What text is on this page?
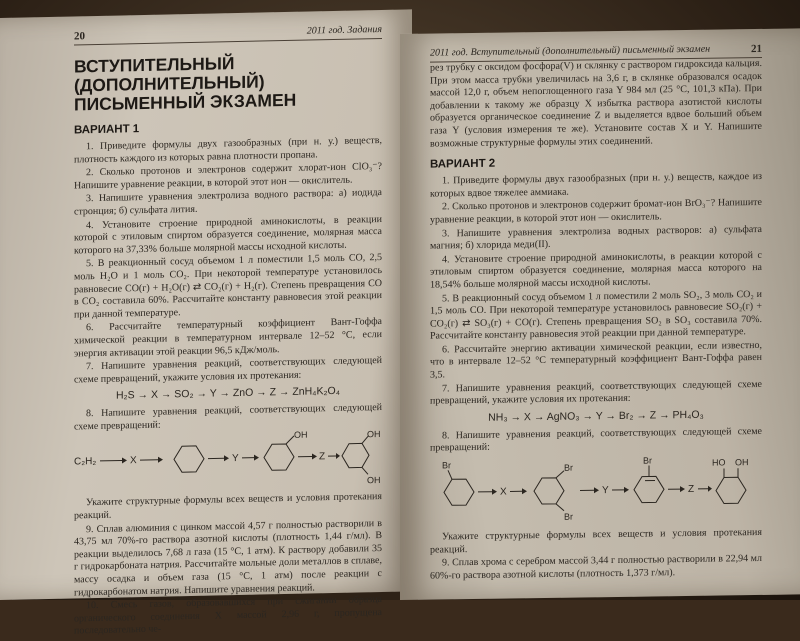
20	2011 год. Задания
ВСТУПИТЕЛЬНЫЙ (ДОПОЛНИТЕЛЬНЫЙ) ПИСЬМЕННЫЙ ЭКЗАМЕН
ВАРИАНТ 1

1. Приведите формулы двух газообразных (при н. у.) веществ, плотность каждого из которых равна плотности пропана.

2. Сколько протонов и электронов содержит хлорат-ион ClO₃⁻? Напишите уравнение реакции, в которой этот ион — окислитель.

3. Напишите уравнения электролиза водного раствора: а) иодида стронция; б) сульфата лития.

4. Установите строение природной аминокислоты, в реакции которой с этиловым спиртом образуется соединение, молярная масса которого на 37,33% больше молярной массы исходной кислоты.

5. В реакционный сосуд объемом 1 л поместили 1,5 моль CO, 2,5 моль H₂O и 1 моль CO₂. При некоторой температуре установилось равновесие CO(г) + H₂O(г) ⇄ CO₂(г) + H₂(г). Степень превращения CO в CO₂ составила 60%. Рассчитайте константу равновесия этой реакции при данной температуре.

6. Рассчитайте температурный коэффициент Вант-Гоффа химической реакции в температурном интервале 12–52 °С, если энергия активации этой реакции 96,5 кДж/моль.

7. Напишите уравнения реакций, соответствующих следующей схеме превращений, укажите условия их протекания:

H₂S → X → SO₂ → Y → ZnO → Z → ZnH₄K₂O₄

8. Напишите уравнения реакций, соответствующих следующей схеме превращений:

C₂H₂	X	Y
OH
Z
OH
OH

Укажите структурные формулы всех веществ и условия протекания реакций.

9. Сплав алюминия с цинком массой 4,57 г полностью растворили в 43,75 мл 70%-го раствора азотной кислоты (плотность 1,44 г/мл). В реакции выделилось 7,68 л газа (15 °С, 1 атм). К раствору добавили 35 г гидрокарбоната натрия. Рассчитайте мольные доли металлов в сплаве, массу осадка и объем газа (15 °С, 1 атм) после реакции с гидрокарбонатом натрия. Напишите уравнения реакций.

10. Смесь газов, образовавшихся при сжигании образца органического соединения X массой 2,96 г, пропущена последовательно че-

2011 год. Вступительный (дополнительный) письменный экзамен	21

рез трубку с оксидом фосфора(V) и склянку с раствором гидроксида кальция. При этом масса трубки увеличилась на 3,6 г, в склянке образовался осадок массой 12,0 г, объем непоглощенного газа Y 984 мл (25 °С, 101,3 кПа). При добавлении к такому же образцу X избытка раствора азотистой кислоты образуется органическое соединение Z и выделяется вдвое больший объем газа Y (условия измерения те же). Установите состав X и Y. Напишите возможные структурные формулы этих соединений.

ВАРИАНТ 2

1. Приведите формулы двух газообразных (при н. у.) веществ, каждое из которых вдвое тяжелее аммиака.

2. Сколько протонов и электронов содержит бромат-ион BrO₃⁻? Напишите уравнение реакции, в которой этот ион — окислитель.

3. Напишите уравнения электролиза водных растворов: а) сульфата магния; б) хлорида меди(II).

4. Установите строение природной аминокислоты, в реакции которой с этиловым спиртом образуется соединение, молярная масса которого на 18,54% больше молярной массы исходной кислоты.

5. В реакционный сосуд объемом 1 л поместили 2 моль SO₂, 3 моль CO₂ и 1,5 моль CO. При некоторой температуре установилось равновесие SO₂(г) + CO₂(г) ⇄ SO₃(г) + CO(г). Степень превращения SO₂ в SO₃ составила 70%. Рассчитайте константу равновесия этой реакции при данной температуре.

6. Рассчитайте энергию активации химической реакции, если известно, что в интервале 12–52 °С температурный коэффициент Вант-Гоффа равен 3,5.

7. Напишите уравнения реакций, соответствующих следующей схеме превращений, укажите условия их протекания:

NH₃ → X → AgNO₃ → Y → Br₂ → Z → PH₄O₃

8. Напишите уравнения реакций, соответствующих следующей схеме превращений:

Br
X
Br
Br
Y
Br
Z
HO OH

Укажите структурные формулы всех веществ и условия протекания реакций.

9. Сплав хрома с серебром массой 3,44 г полностью растворили в 22,94 мл 60%-го раствора азотной кислоты (плотность 1,373 г/мл).
